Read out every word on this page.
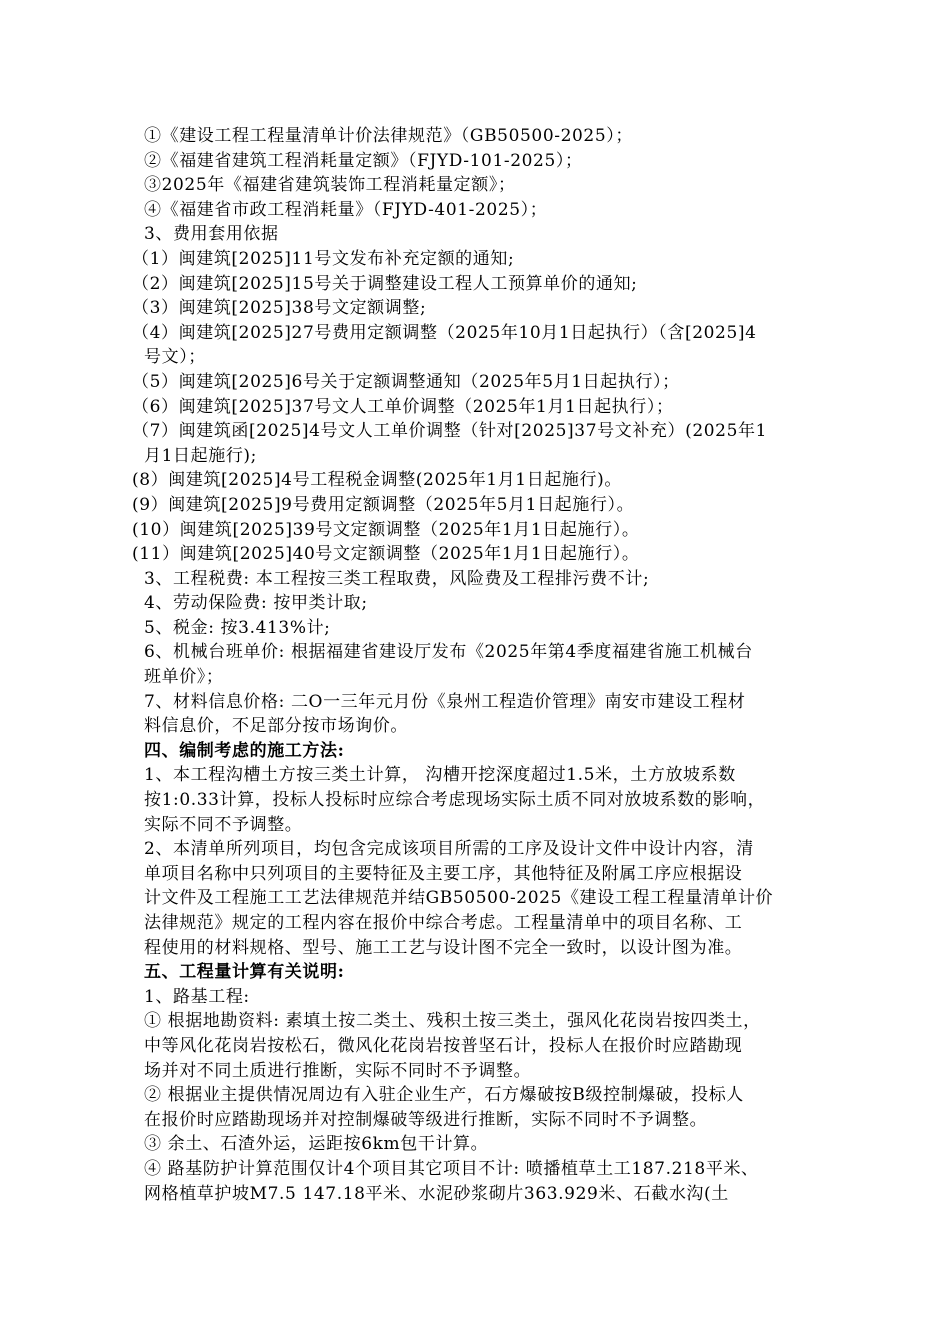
①《建设工程工程量清单计价法律规范》（GB50500-2025）；
②《福建省建筑工程消耗量定额》（FJYD-101-2025）；
③2025年《福建省建筑装饰工程消耗量定额》；
④《福建省市政工程消耗量》（FJYD-401-2025）；
3、费用套用依据
（1）闽建筑[2025]11号文发布补充定额的通知;
（2）闽建筑[2025]15号关于调整建设工程人工预算单价的通知;
（3）闽建筑[2025]38号文定额调整;
（4）闽建筑[2025]27号费用定额调整（2025年10月1日起执行）（含[2025]4
号文）；
（5）闽建筑[2025]6号关于定额调整通知（2025年5月1日起执行）；
（6）闽建筑[2025]37号文人工单价调整（2025年1月1日起执行）；
（7）闽建筑函[2025]4号文人工单价调整（针对[2025]37号文补充）(2025年1
月1日起施行);
(8）闽建筑[2025]4号工程税金调整(2025年1月1日起施行)。
(9）闽建筑[2025]9号费用定额调整（2025年5月1日起施行）。
(10）闽建筑[2025]39号文定额调整（2025年1月1日起施行）。
(11）闽建筑[2025]40号文定额调整（2025年1月1日起施行）。
3、工程税费: 本工程按三类工程取费，风险费及工程排污费不计;
4、劳动保险费: 按甲类计取;
5、税金: 按3.413%计;
6、机械台班单价: 根据福建省建设厅发布《2025年第4季度福建省施工机械台
班单价》；
7、材料信息价格: 二О一三年元月份《泉州工程造价管理》南安市建设工程材
料信息价，不足部分按市场询价。
四、编制考虑的施工方法:
1、本工程沟槽土方按三类土计算， 沟槽开挖深度超过1.5米，土方放坡系数
按1:0.33计算，投标人投标时应综合考虑现场实际土质不同对放坡系数的影响，
实际不同不予调整。
2、本清单所列项目，均包含完成该项目所需的工序及设计文件中设计内容，清
单项目名称中只列项目的主要特征及主要工序，其他特征及附属工序应根据设
计文件及工程施工工艺法律规范并结GB50500-2025《建设工程工程量清单计价
法律规范》规定的工程内容在报价中综合考虑。工程量清单中的项目名称、工
程使用的材料规格、型号、施工工艺与设计图不完全一致时，以设计图为准。
五、工程量计算有关说明:
1、路基工程:
① 根据地勘资料: 素填土按二类土、残积土按三类土，强风化花岗岩按四类土，
中等风化花岗岩按松石，微风化花岗岩按普坚石计，投标人在报价时应踏勘现
场并对不同土质进行推断，实际不同时不予调整。
② 根据业主提供情况周边有入驻企业生产，石方爆破按B级控制爆破，投标人
在报价时应踏勘现场并对控制爆破等级进行推断，实际不同时不予调整。
③ 余土、石渣外运，运距按6km包干计算。
④ 路基防护计算范围仅计4个项目其它项目不计: 喷播植草土工187.218平米、
网格植草护坡M7.5 147.18平米、水泥砂浆砌片363.929米、石截水沟(土
